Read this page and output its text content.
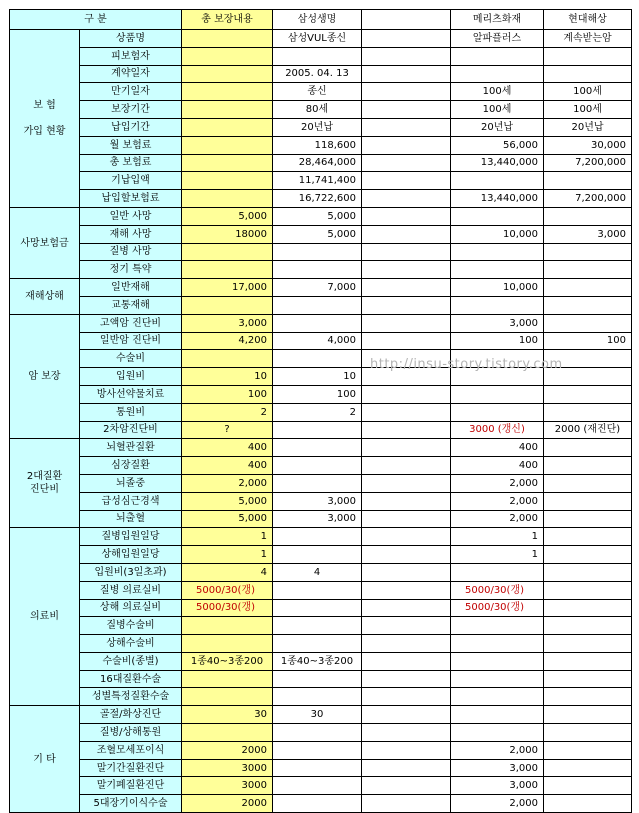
구 분		총 보장내용	삼성생명		메리츠화재	현대해상
보 험

가입 현황	상품명		삼성VUL종신		알파플러스	계속받는암
	피보험자					
	계약일자		2005. 04. 13			
	만기일자		종신		100세	100세
	보장기간		80세		100세	100세
	납입기간		20년납		20년납	20년납
	월 보험료		118,600		56,000	30,000
	총 보험료		28,464,000		13,440,000	7,200,000
	기납입액		11,741,400			
	납입할보험료		16,722,600		13,440,000	7,200,000
사망보험금	일반 사망	5,000	5,000			
	재해 사망	18000	5,000		10,000	3,000
	질병 사망					
	정기 특약					
재해상해	일반재해	17,000	7,000		10,000	
	교통재해					
암 보장	고액암 진단비	3,000			3,000	
	일반암 진단비	4,200	4,000		100	100
	수술비					
	입원비	10	10			
	방사선약물치료	100	100			
	통원비	2	2			
	2차암진단비	?			3000 (갱신)	2000 (재진단)
2대질환
진단비	뇌혈관질환	400			400	
	심장질환	400			400	
	뇌졸중	2,000			2,000	
	급성심근경색	5,000	3,000		2,000	
	뇌출혈	5,000	3,000		2,000	
의료비	질병입원일당	1			1	
	상해입원일당	1			1	
	입원비(3일초과)	4	4			
	질병 의료실비	5000/30(갱)			5000/30(갱)	
	상해 의료실비	5000/30(갱)			5000/30(갱)	
	질병수술비					
	상해수술비					
	수술비(종별)	1종40~3종200	1종40~3종200			
	16대질환수술					
	성별특정질환수술					
기 타	골절/화상진단	30	30			
	질병/상해통원					
	조혈모세포이식	2000			2,000	
	말기간질환진단	3000			3,000	
	말기폐질환진단	3000			3,000	
	5대장기이식수술	2000			2,000	
http://insu-story.tistory.com
